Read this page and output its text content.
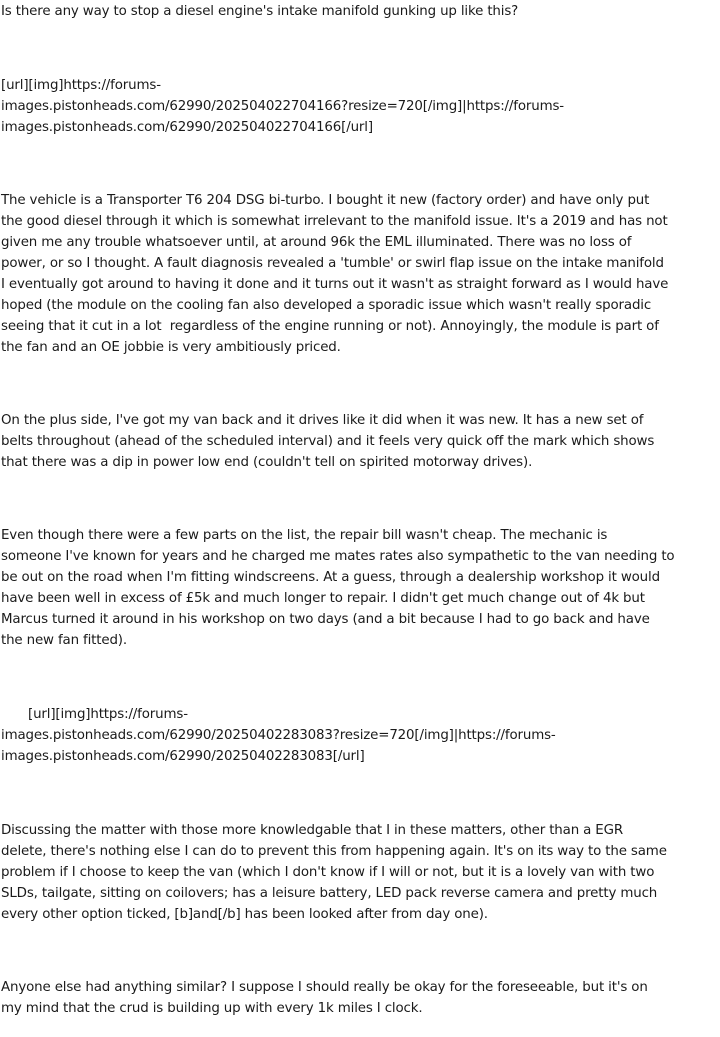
Is there any way to stop a diesel engine's intake manifold gunking up like this?
[url][img]https://forums-
images.pistonheads.com/62990/202504022704166?resize=720[/img]|https://forums-
images.pistonheads.com/62990/202504022704166[/url]
The vehicle is a Transporter T6 204 DSG bi-turbo. I bought it new (factory order) and have only put
the good diesel through it which is somewhat irrelevant to the manifold issue. It's a 2019 and has not
given me any trouble whatsoever until, at around 96k the EML illuminated. There was no loss of
power, or so I thought. A fault diagnosis revealed a 'tumble' or swirl flap issue on the intake manifold
I eventually got around to having it done and it turns out it wasn't as straight forward as I would have
hoped (the module on the cooling fan also developed a sporadic issue which wasn't really sporadic
seeing that it cut in a lot  regardless of the engine running or not). Annoyingly, the module is part of
the fan and an OE jobbie is very ambitiously priced.
On the plus side, I've got my van back and it drives like it did when it was new. It has a new set of
belts throughout (ahead of the scheduled interval) and it feels very quick off the mark which shows
that there was a dip in power low end (couldn't tell on spirited motorway drives).
Even though there were a few parts on the list, the repair bill wasn't cheap. The mechanic is
someone I've known for years and he charged me mates rates also sympathetic to the van needing to
be out on the road when I'm fitting windscreens. At a guess, through a dealership workshop it would
have been well in excess of £5k and much longer to repair. I didn't get much change out of 4k but
Marcus turned it around in his workshop on two days (and a bit because I had to go back and have
the new fan fitted).
[url][img]https://forums-
images.pistonheads.com/62990/20250402283083?resize=720[/img]|https://forums-
images.pistonheads.com/62990/20250402283083[/url]
Discussing the matter with those more knowledgable that I in these matters, other than a EGR
delete, there's nothing else I can do to prevent this from happening again. It's on its way to the same
problem if I choose to keep the van (which I don't know if I will or not, but it is a lovely van with two
SLDs, tailgate, sitting on coilovers; has a leisure battery, LED pack reverse camera and pretty much
every other option ticked, [b]and[/b] has been looked after from day one).
Anyone else had anything similar? I suppose I should really be okay for the foreseeable, but it's on
my mind that the crud is building up with every 1k miles I clock.
